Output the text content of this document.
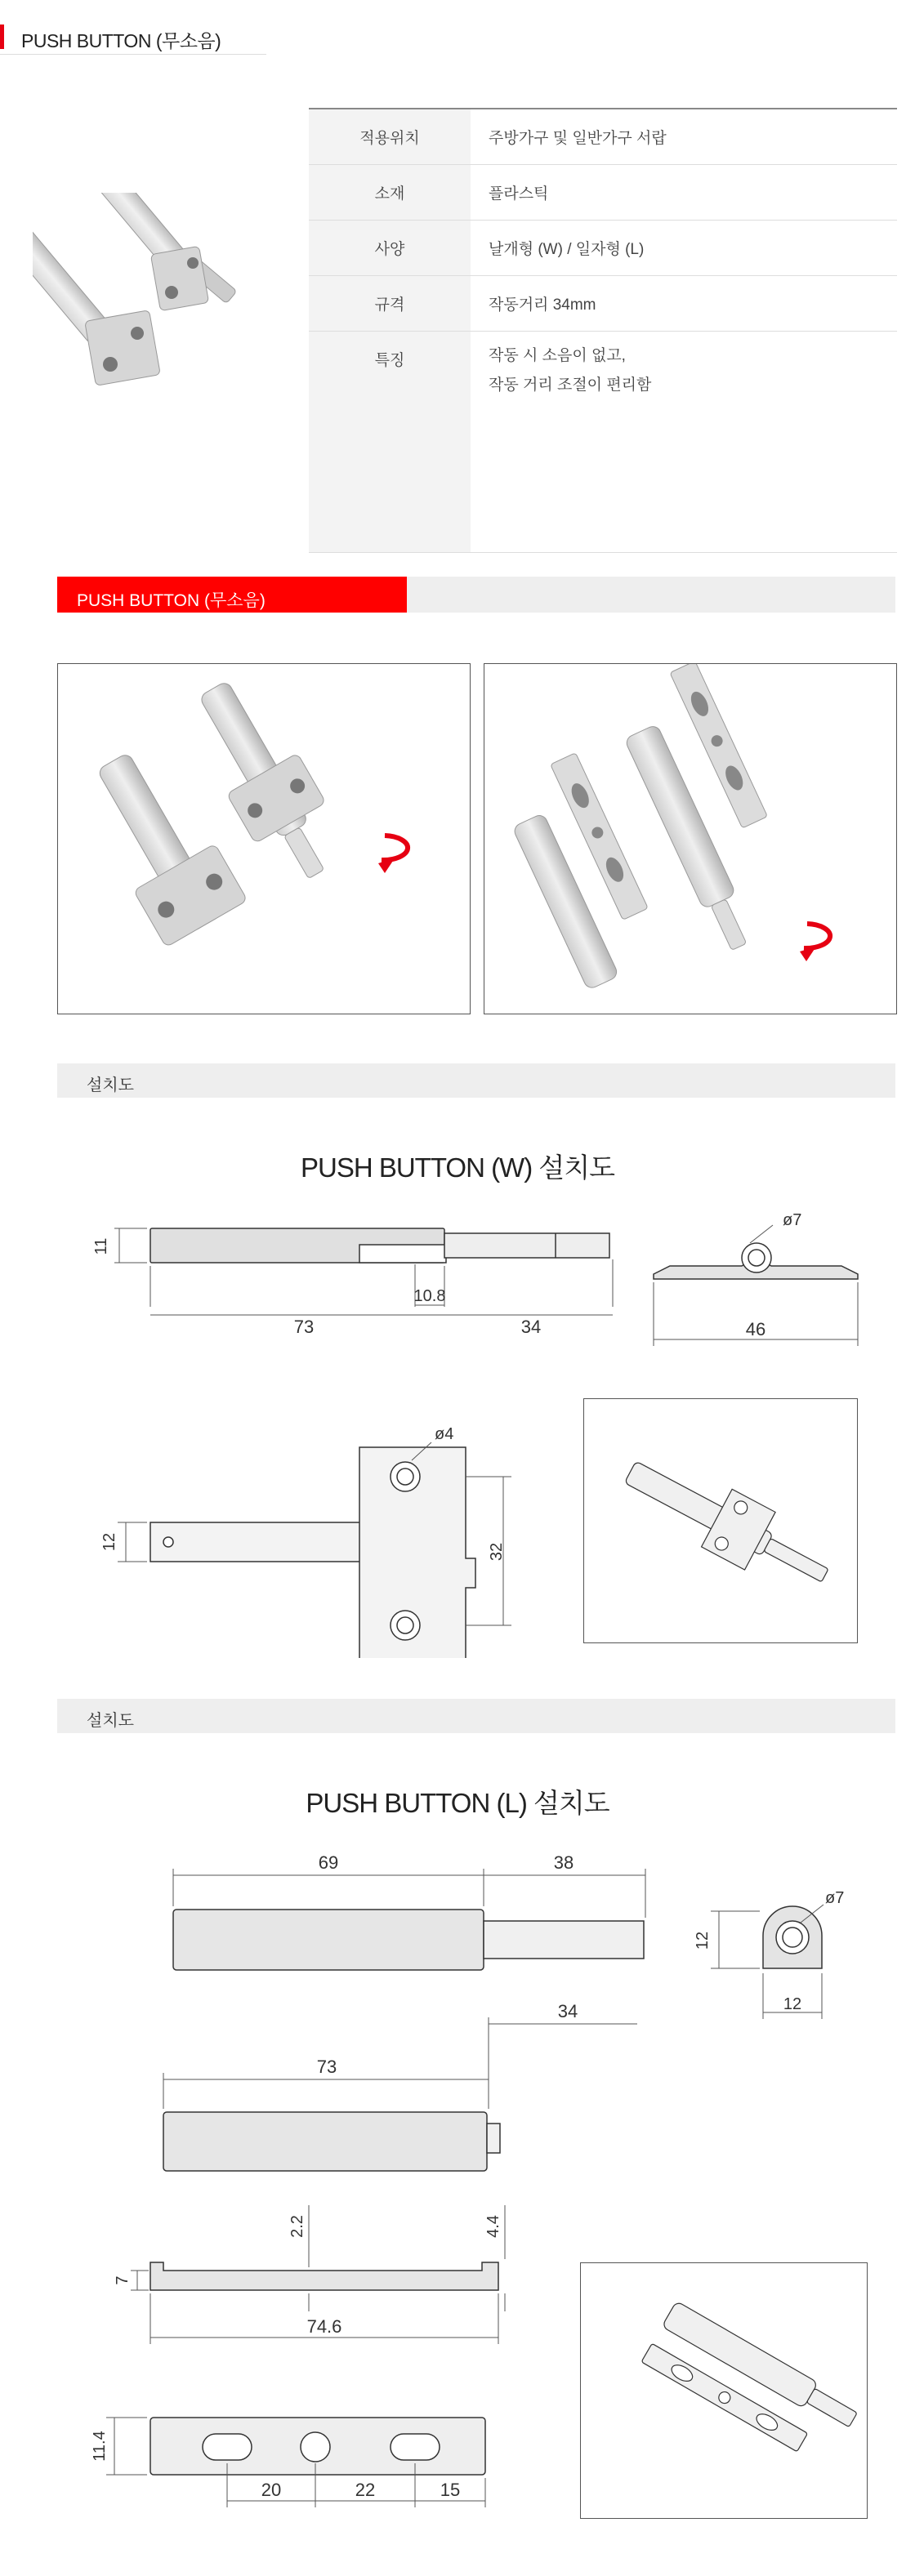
PUSH BUTTON (무소음)
적용위치	주방가구 및 일반가구 서랍
소재	플라스틱
사양	날개형 (W) / 일자형 (L)
규격	작동거리 34mm
특징	작동 시 소음이 없고,
작동 거리 조절이 편리함
PUSH BUTTON (무소음)
설치도
PUSH BUTTON (W) 설치도
11
73
10.8
34
ø7
46
12
32
ø4
설치도
PUSH BUTTON (L) 설치도
69	38
ø7
12
12
34
73
7
2.2	4.4
74.6
11.4
20	22	15
